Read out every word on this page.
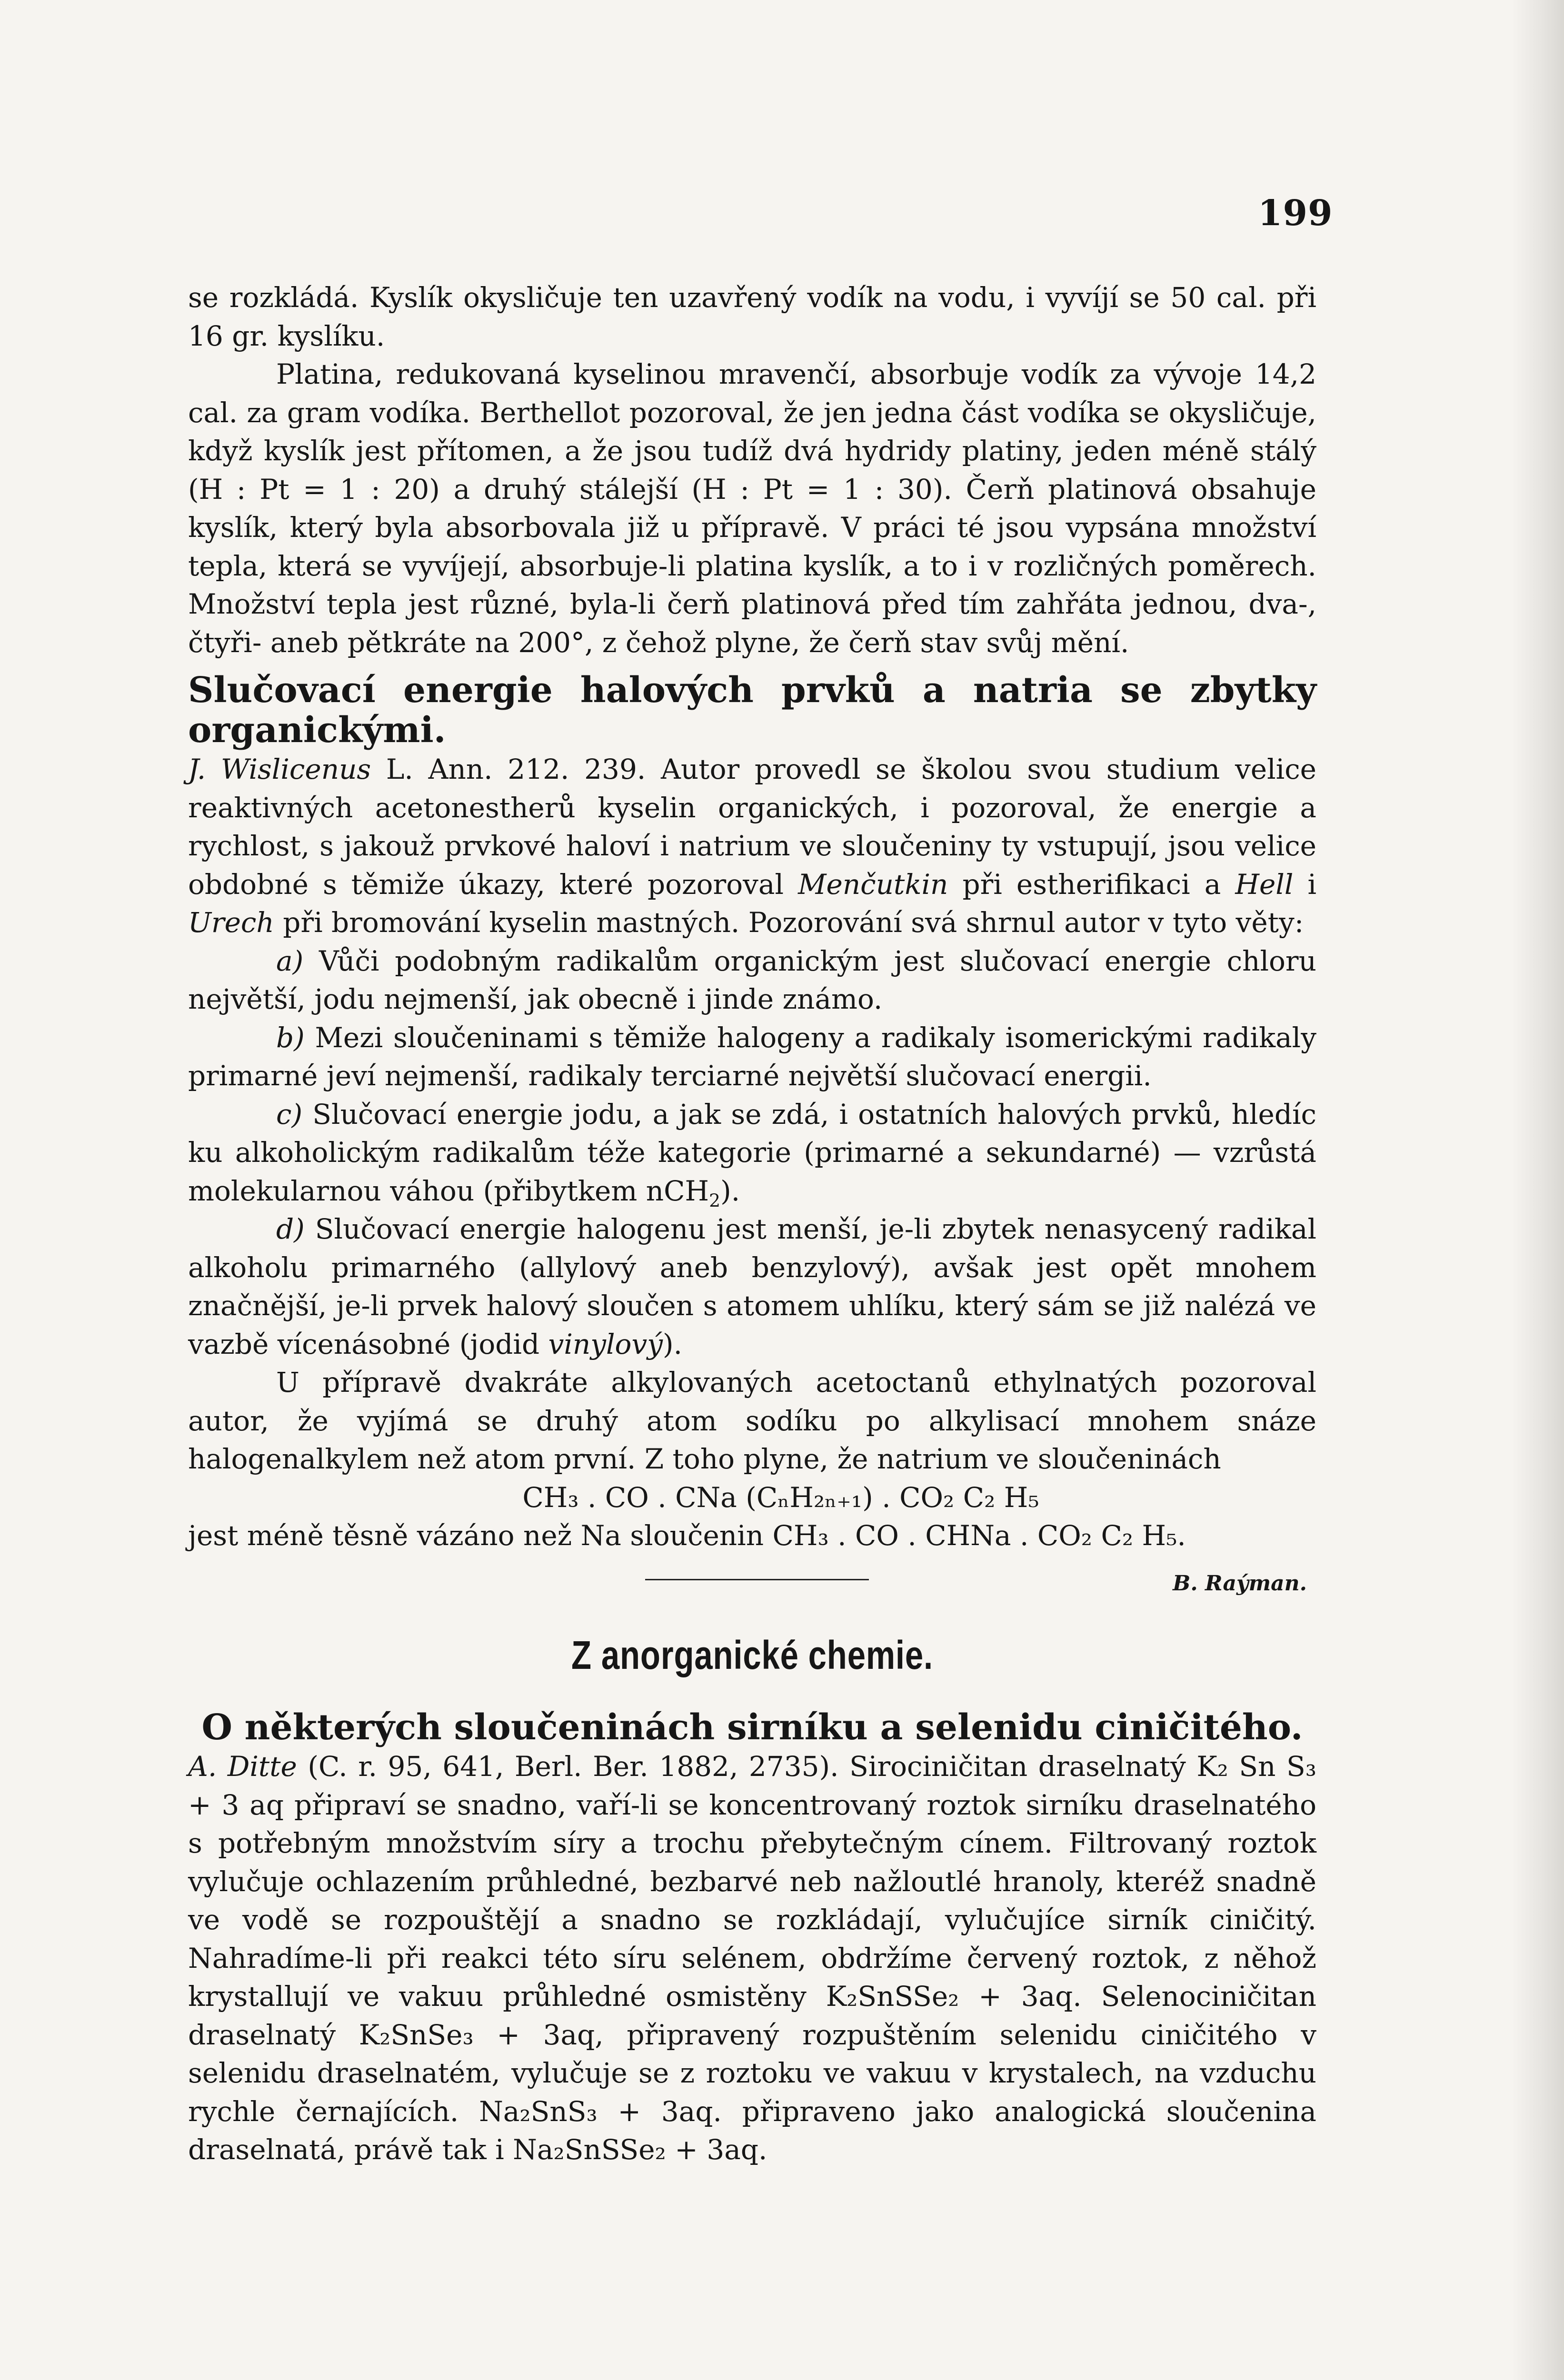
199

se rozkládá. Kyslík okysličuje ten uzavřený vodík na vodu, i vyvíjí se 50 cal. při 16 gr. kyslíku.

Platina, redukovaná kyselinou mravenčí, absorbuje vodík za vývoje 14,2 cal. za gram vodíka. Berthellot pozoroval, že jen jedna část vodíka se okysličuje, když kyslík jest přítomen, a že jsou tudíž dvá hydridy platiny, jeden méně stálý (H : Pt = 1 : 20) a druhý stálejší (H : Pt = 1 : 30). Čerň platinová obsahuje kyslík, který byla absorbovala již u přípravě. V práci té jsou vypsána množství tepla, která se vyvíjejí, absorbuje-li platina kyslík, a to i v rozličných poměrech. Množství tepla jest různé, byla-li čerň platinová před tím zahřáta jednou, dva-, čtyři- aneb pětkráte na 200°, z čehož plyne, že čerň stav svůj mění.

Slučovací energie halových prvků a natria se zbytky organickými.

J. Wislicenus L. Ann. 212. 239. Autor provedl se školou svou studium velice reaktivných acetonestherů kyselin organických, i pozoroval, že energie a rychlost, s jakouž prvkové haloví i natrium ve sloučeniny ty vstupují, jsou velice obdobné s těmiže úkazy, které pozoroval Menčutkin při estherifikaci a Hell i Urech při bromování kyselin mastných. Pozorování svá shrnul autor v tyto věty:

a) Vůči podobným radikalům organickým jest slučovací energie chloru největší, jodu nejmenší, jak obecně i jinde známo.

b) Mezi sloučeninami s těmiže halogeny a radikaly isomerickými radikaly primarné jeví nejmenší, radikaly terciarné největší slučovací energii.

c) Slučovací energie jodu, a jak se zdá, i ostatních halových prvků, hledíc ku alkoholickým radikalům téže kategorie (primarné a sekundarné) — vzrůstá molekularnou váhou (přibytkem nCH$_2$).

d) Slučovací energie halogenu jest menší, je-li zbytek nenasycený radikal alkoholu primarného (allylový aneb benzylový), avšak jest opět mnohem značnější, je-li prvek halový sloučen s atomem uhlíku, který sám se již nalézá ve vazbě vícenásobné (jodid vinylový).

U přípravě dvakráte alkylovaných acetoctanů ethylnatých pozoroval autor, že vyjímá se druhý atom sodíku po alkylisací mnohem snáze halogenalkylem než atom první. Z toho plyne, že natrium ve sloučeninách

CH₃ . CO . CNa (CₙH₂ₙ₊₁) . CO₂ C₂ H₅

jest méně těsně vázáno než Na sloučenin CH₃ . CO . CHNa . CO₂ C₂ H₅.

B. Raýman.
Z anorganické chemie.

O některých sloučeninách sirníku a selenidu ciničitého.

A. Ditte (C. r. 95, 641, Berl. Ber. 1882, 2735). Sirociničitan draselnatý K₂ Sn S₃ + 3 aq připraví se snadno, vaří-li se koncentrovaný roztok sirníku draselnatého s potřebným množstvím síry a trochu přebytečným cínem. Filtrovaný roztok vylučuje ochlazením průhledné, bezbarvé neb nažloutlé hranoly, kteréž snadně ve vodě se rozpouštějí a snadno se rozkládají, vylučujíce sirník ciničitý. Nahradíme-li při reakci této síru selénem, obdržíme červený roztok, z něhož krystallují ve vakuu průhledné osmistěny K₂SnSSe₂ + 3aq. Selenociničitan draselnatý K₂SnSe₃ + 3aq, připravený rozpuštěním selenidu ciničitého v selenidu draselnatém, vylučuje se z roztoku ve vakuu v krystalech, na vzduchu rychle černajících. Na₂SnS₃ + 3aq. připraveno jako analogická sloučenina draselnatá, právě tak i Na₂SnSSe₂ + 3aq.
